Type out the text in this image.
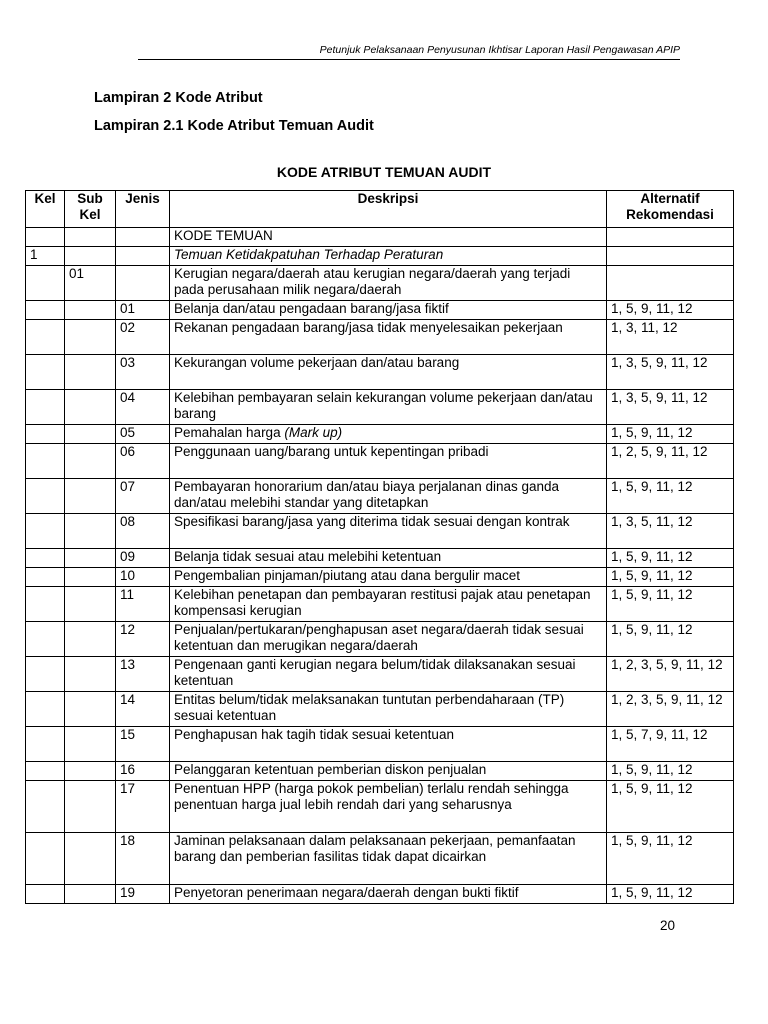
Petunjuk Pelaksanaan Penyusunan Ikhtisar Laporan Hasil Pengawasan APIP
Lampiran 2 Kode Atribut
Lampiran 2.1 Kode Atribut Temuan Audit
KODE ATRIBUT TEMUAN AUDIT
Kel	Sub Kel	Jenis	Deskripsi	Alternatif Rekomendasi
			KODE TEMUAN	
1			Temuan Ketidakpatuhan Terhadap Peraturan	
	01		Kerugian negara/daerah atau kerugian negara/daerah yang terjadi pada perusahaan milik negara/daerah	
		01	Belanja dan/atau pengadaan barang/jasa fiktif	1, 5, 9, 11, 12
		02	Rekanan pengadaan barang/jasa tidak menyelesaikan pekerjaan	1, 3, 11, 12
		03	Kekurangan volume pekerjaan dan/atau barang	1, 3, 5, 9, 11, 12
		04	Kelebihan pembayaran selain kekurangan volume pekerjaan dan/atau barang	1, 3, 5, 9, 11, 12
		05	Pemahalan harga (Mark up)	1, 5, 9, 11, 12
		06	Penggunaan uang/barang untuk kepentingan pribadi	1, 2, 5, 9, 11, 12
		07	Pembayaran honorarium dan/atau biaya perjalanan dinas ganda dan/atau melebihi standar yang ditetapkan	1, 5, 9, 11, 12
		08	Spesifikasi barang/jasa yang diterima tidak sesuai dengan kontrak	1, 3, 5, 11, 12
		09	Belanja tidak sesuai atau melebihi ketentuan	1, 5, 9, 11, 12
		10	Pengembalian pinjaman/piutang atau dana bergulir macet	1, 5, 9, 11, 12
		11	Kelebihan penetapan dan pembayaran restitusi pajak atau penetapan kompensasi kerugian	1, 5, 9, 11, 12
		12	Penjualan/pertukaran/penghapusan aset negara/daerah tidak sesuai ketentuan dan merugikan negara/daerah	1, 5, 9, 11, 12
		13	Pengenaan ganti kerugian negara belum/tidak dilaksanakan sesuai ketentuan	1, 2, 3, 5, 9, 11, 12
		14	Entitas belum/tidak melaksanakan tuntutan perbendaharaan (TP) sesuai ketentuan	1, 2, 3, 5, 9, 11, 12
		15	Penghapusan hak tagih tidak sesuai ketentuan	1, 5, 7, 9, 11, 12
		16	Pelanggaran ketentuan pemberian diskon penjualan	1, 5, 9, 11, 12
		17	Penentuan HPP (harga pokok pembelian) terlalu rendah sehingga penentuan harga jual lebih rendah dari yang seharusnya	1, 5, 9, 11, 12
		18	Jaminan pelaksanaan dalam pelaksanaan pekerjaan, pemanfaatan barang dan pemberian fasilitas tidak dapat dicairkan	1, 5, 9, 11, 12
		19	Penyetoran penerimaan negara/daerah dengan bukti fiktif	1, 5, 9, 11, 12
20
